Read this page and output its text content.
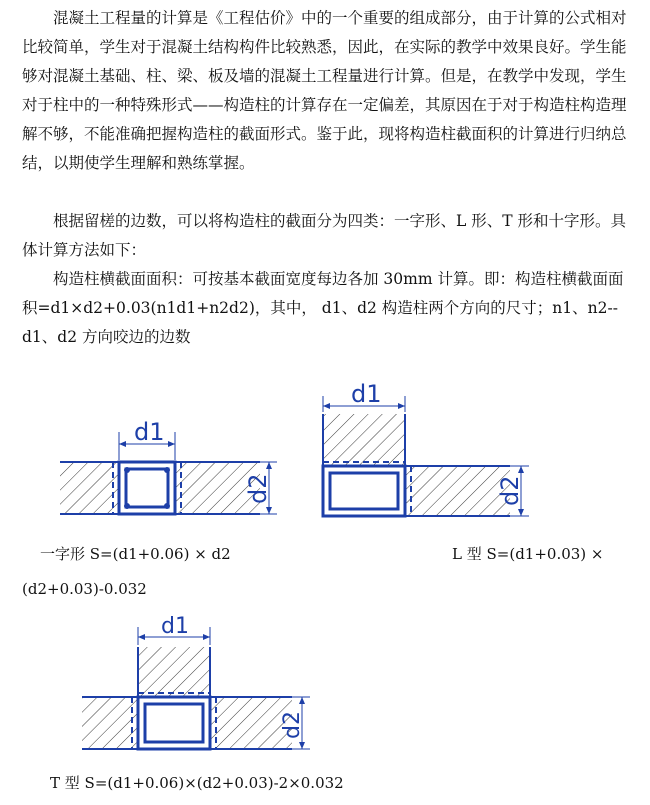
混凝土工程量的计算是《工程估价》中的一个重要的组成部分，由于计算的公式相对比较简单，学生对于混凝土结构构件比较熟悉，因此，在实际的教学中效果良好。学生能够对混凝土基础、柱、梁、板及墙的混凝土工程量进行计算。但是，在教学中发现，学生对于柱中的一种特殊形式——构造柱的计算存在一定偏差，其原因在于对于构造柱构造理解不够，不能准确把握构造柱的截面形式。鉴于此，现将构造柱截面积的计算进行归纳总结，以期使学生理解和熟练掌握。
根据留槎的边数，可以将构造柱的截面分为四类：一字形、L 形、T 形和十字形。具体计算方法如下：
构造柱横截面面积：可按基本截面宽度每边各加 30mm 计算。即：构造柱横截面面积=d1×d2+0.03(n1d1+n2d2)，其中， d1、d2 构造柱两个方向的尺寸；n1、n2-- d1、d2 方向咬边的边数
d1
d2
d1
d2
一字形 S=(d1+0.06) × d2	L 型 S=(d1+0.03) ×
(d2+0.03)-0.032
d1
d2
T 型 S=(d1+0.06)×(d2+0.03)-2×0.032
